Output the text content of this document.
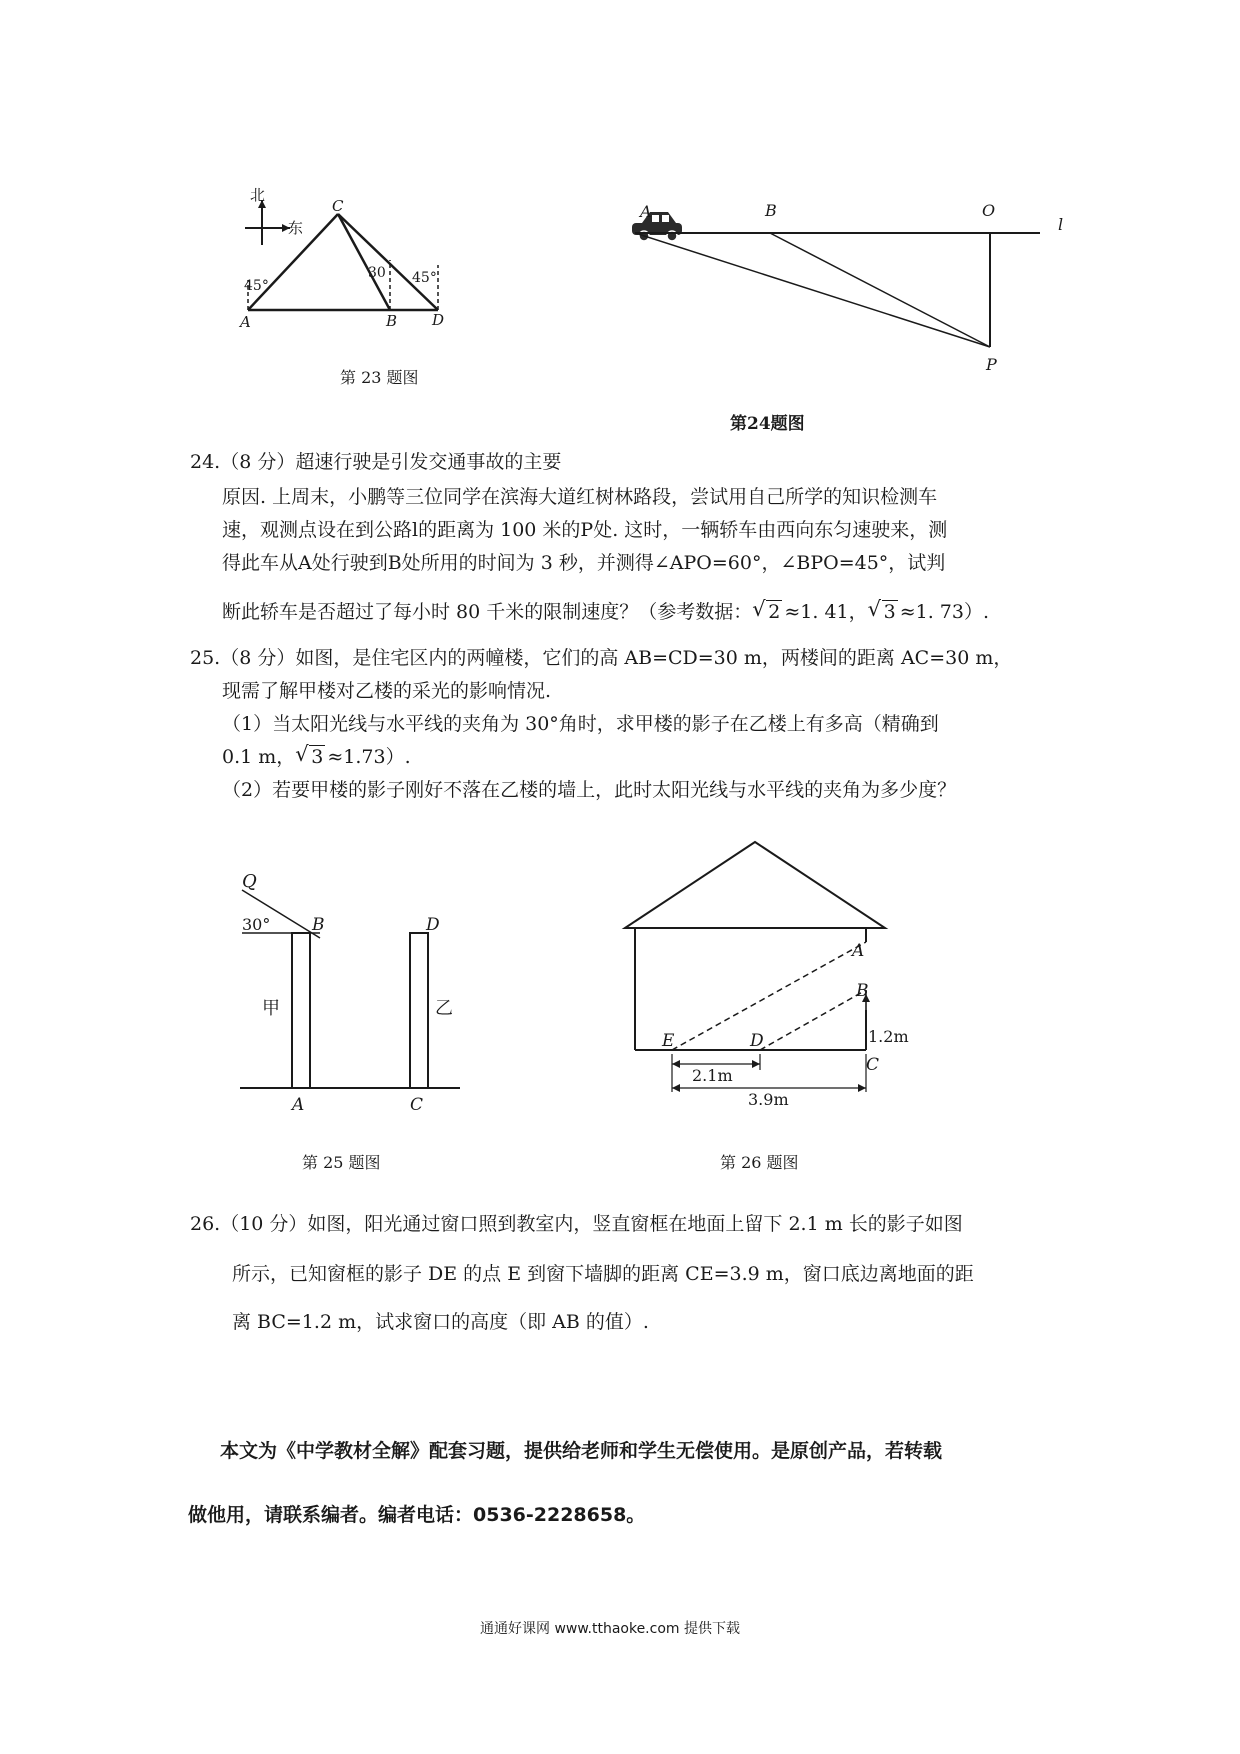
北
东
A	B
C
D
45°
30 45°
第 23 题图
A	B	O
l
P
第24题图
24.（8 分）超速行驶是引发交通事故的主要
原因. 上周末，小鹏等三位同学在滨海大道红树林路段，尝试用自己所学的知识检测车
速，观测点设在到公路l的距离为 100 米的P处. 这时，一辆轿车由西向东匀速驶来，测
得此车从A处行驶到B处所用的时间为 3 秒，并测得∠APO=60°，∠BPO=45°，试判
断此轿车是否超过了每小时 80 千米的限制速度？（参考数据： √ 2 ≈1. 41， √ 3 ≈1. 73）.
25.（8 分）如图，是住宅区内的两幢楼，它们的高 AB=CD=30 m，两楼间的距离 AC=30 m，
现需了解甲楼对乙楼的采光的影响情况.
（1）当太阳光线与水平线的夹角为 30°角时，求甲楼的影子在乙楼上有多高（精确到
0.1 m， √ 3 ≈1.73）.
（2）若要甲楼的影子刚好不落在乙楼的墙上，此时太阳光线与水平线的夹角为多少度？
Q
30° B	D
甲	乙
A	C
第 25 题图
A
B
1.2m
E	D
C
2.1m
3.9m
第 26 题图
26.（10 分）如图，阳光通过窗口照到教室内，竖直窗框在地面上留下 2.1 m 长的影子如图
所示，已知窗框的影子 DE 的点 E 到窗下墙脚的距离 CE=3.9 m，窗口底边离地面的距
离 BC=1.2 m，试求窗口的高度（即 AB 的值）.
本文为《中学教材全解》配套习题，提供给老师和学生无偿使用。是原创产品，若转载
做他用，请联系编者。编者电话：0536-2228658。
通通好课网 www.tthaoke.com 提供下载
